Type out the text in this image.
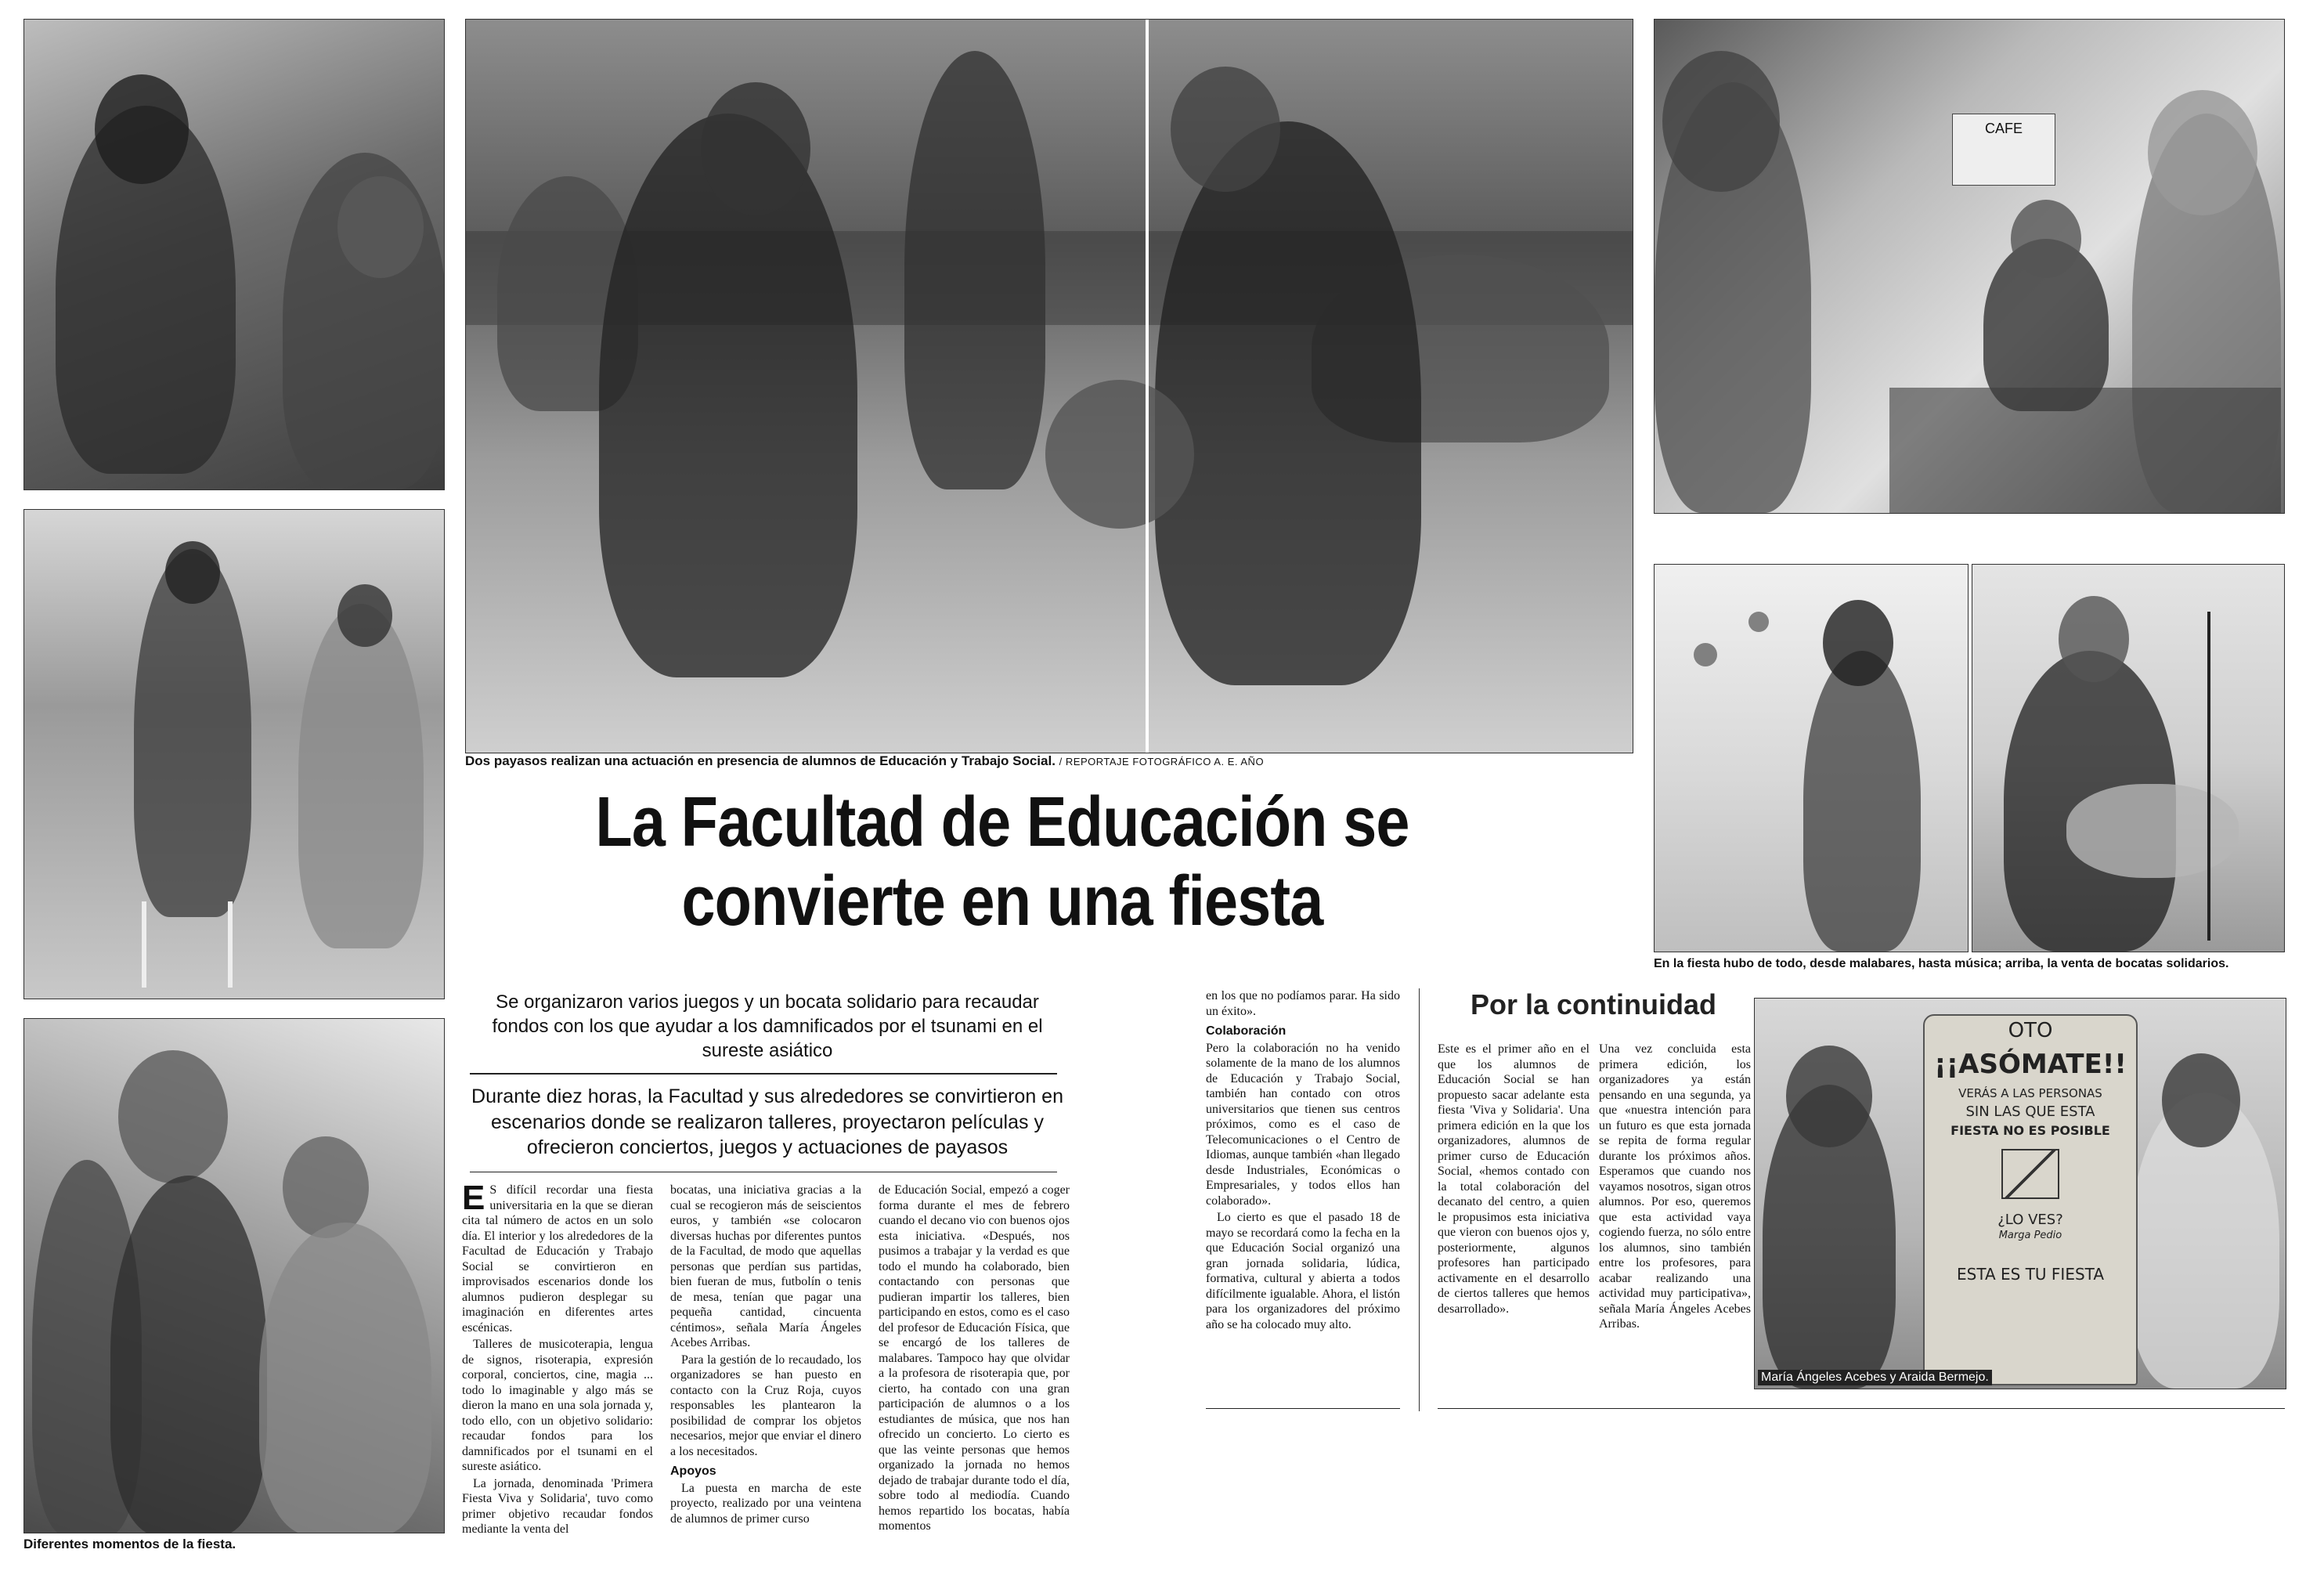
Diferentes momentos de la fiesta.

Dos payasos realizan una actuación en presencia de alumnos de Educación y Trabajo Social. / REPORTAJE FOTOGRÁFICO A. E. AÑO

CAFE

En la fiesta hubo de todo, desde malabares, hasta música; arriba, la venta de bocatas solidarios.

La Facultad de Educación se
convierte en una fiesta

Se organizaron varios juegos y un bocata solidario para recaudar fondos con los que ayudar a los damnificados por el tsunami en el sureste asiático

Durante diez horas, la Facultad y sus alrededores se convirtieron en escenarios donde se realizaron talleres, proyectaron películas y ofrecieron conciertos, juegos y actuaciones de payasos

E S difícil recordar una fiesta universitaria en la que se dieran cita tal número de actos en un solo día. El interior y los alrededores de la Facultad de Educación y Trabajo Social se convirtieron en improvisados escenarios donde los alumnos pudieron desplegar su imaginación en diferentes artes escénicas.

Talleres de musicoterapia, lengua de signos, risoterapia, expresión corporal, conciertos, cine, magia ... todo lo imaginable y algo más se dieron la mano en una sola jornada y, todo ello, con un objetivo solidario: recaudar fondos para los damnificados por el tsunami en el sureste asiático.

La jornada, denominada 'Primera Fiesta Viva y Solidaria', tuvo como primer objetivo recaudar fondos mediante la venta del

bocatas, una iniciativa gracias a la cual se recogieron más de seiscientos euros, y también «se colocaron diversas huchas por diferentes puntos de la Facultad, de modo que aquellas personas que perdían sus partidas, bien fueran de mus, futbolín o tenis de mesa, tenían que pagar una pequeña cantidad, cincuenta céntimos», señala María Ángeles Acebes Arribas.

Para la gestión de lo recaudado, los organizadores se han puesto en contacto con la Cruz Roja, cuyos responsables les plantearon la posibilidad de comprar los objetos necesarios, mejor que enviar el dinero a los necesitados.

Apoyos

La puesta en marcha de este proyecto, realizado por una veintena de alumnos de primer curso

de Educación Social, empezó a coger forma durante el mes de febrero cuando el decano vio con buenos ojos esta iniciativa. «Después, nos pusimos a trabajar y la verdad es que todo el mundo ha colaborado, bien contactando con personas que pudieran impartir los talleres, bien participando en estos, como es el caso del profesor de Educación Física, que se encargó de los talleres de malabares. Tampoco hay que olvidar a la profesora de risoterapia que, por cierto, ha contado con una gran participación de alumnos o a los estudiantes de música, que nos han ofrecido un concierto. Lo cierto es que las veinte personas que hemos organizado la jornada no hemos dejado de trabajar durante todo el día, sobre todo al mediodía. Cuando hemos repartido los bocatas, había momentos

en los que no podíamos parar. Ha sido un éxito».

Colaboración

Pero la colaboración no ha venido solamente de la mano de los alumnos de Educación y Trabajo Social, también han contado con otros universitarios que tienen sus centros próximos, como es el caso de Telecomunicaciones o el Centro de Idiomas, aunque también «han llegado desde Industriales, Económicas o Empresariales, y todos ellos han colaborado».

Lo cierto es que el pasado 18 de mayo se recordará como la fecha en la que Educación Social organizó una gran jornada solidaria, lúdica, formativa, cultural y abierta a todos difícilmente igualable. Ahora, el listón para los organizadores del próximo año se ha colocado muy alto.

Por la continuidad

Este es el primer año en el que los alumnos de Educación Social se han propuesto sacar adelante esta fiesta 'Viva y Solidaria'. Una primera edición en la que los organizadores, alumnos de primer curso de Educación Social, «hemos contado con la total colaboración del decanato del centro, a quien le propusimos esta iniciativa que vieron con buenos ojos y, posteriormente, algunos profesores han participado activamente en el desarrollo de ciertos talleres que hemos desarrollado».

Una vez concluida esta primera edición, los organizadores ya están pensando en una segunda, ya que «nuestra intención para un futuro es que esta jornada se repita de forma regular durante los próximos años. Esperamos que cuando nos vayamos nosotros, sigan otros alumnos. Por eso, queremos que esta actividad vaya cogiendo fuerza, no sólo entre los alumnos, sino también entre los profesores, para acabar realizando una actividad muy participativa», señala María Ángeles Acebes Arribas.

OTO
¡¡ASÓMATE!!
VERÁS A LAS PERSONAS
SIN LAS QUE ESTA
FIESTA NO ES POSIBLE
¿LO VES?
Marga Pedio
ESTA ES TU FIESTA

María Ángeles Acebes y Araida Bermejo.
